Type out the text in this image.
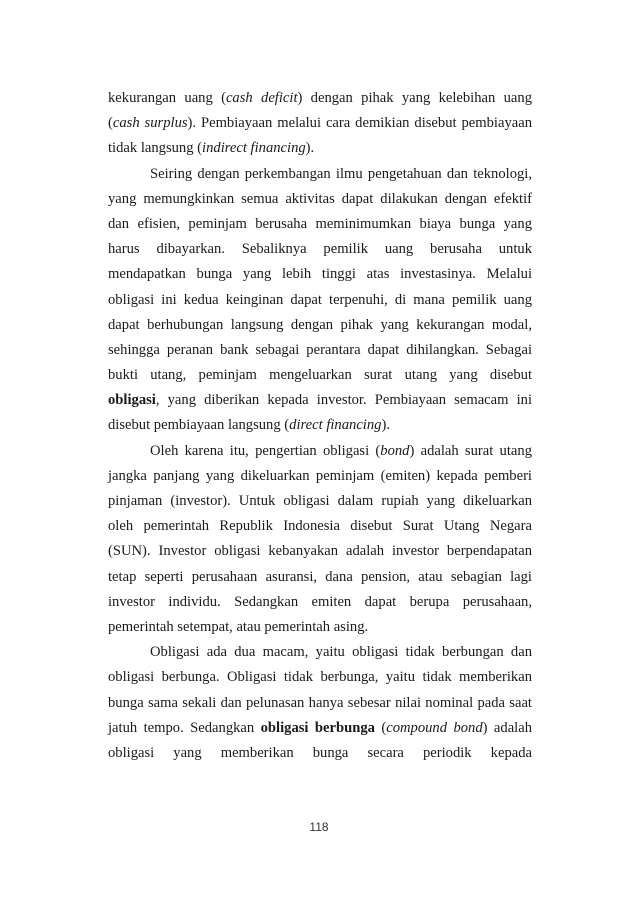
kekurangan uang (cash deficit) dengan pihak yang kelebihan uang
(cash surplus). Pembiayaan melalui cara demikian disebut pembiayaan
tidak langsung (indirect financing).
Seiring dengan perkembangan ilmu pengetahuan dan teknologi,
yang memungkinkan semua aktivitas dapat dilakukan dengan efektif
dan efisien, peminjam berusaha meminimumkan biaya bunga yang
harus dibayarkan. Sebaliknya pemilik uang berusaha untuk
mendapatkan bunga yang lebih tinggi atas investasinya. Melalui
obligasi ini kedua keinginan dapat terpenuhi, di mana pemilik uang
dapat berhubungan langsung dengan pihak yang kekurangan modal,
sehingga peranan bank sebagai perantara dapat dihilangkan. Sebagai
bukti utang, peminjam mengeluarkan surat utang yang disebut
obligasi, yang diberikan kepada investor. Pembiayaan semacam ini
disebut pembiayaan langsung (direct financing).
Oleh karena itu, pengertian obligasi (bond) adalah surat utang
jangka panjang yang dikeluarkan peminjam (emiten) kepada pemberi
pinjaman (investor). Untuk obligasi dalam rupiah yang dikeluarkan
oleh pemerintah Republik Indonesia disebut Surat Utang Negara
(SUN). Investor obligasi kebanyakan adalah investor berpendapatan
tetap seperti perusahaan asuransi, dana pension, atau sebagian lagi
investor individu. Sedangkan emiten dapat berupa perusahaan,
pemerintah setempat, atau pemerintah asing.
Obligasi ada dua macam, yaitu obligasi tidak berbungan dan
obligasi berbunga. Obligasi tidak berbunga, yaitu tidak memberikan
bunga sama sekali dan pelunasan hanya sebesar nilai nominal pada saat
jatuh tempo. Sedangkan obligasi berbunga (compound bond) adalah
obligasi yang memberikan bunga secara periodik kepada
118
